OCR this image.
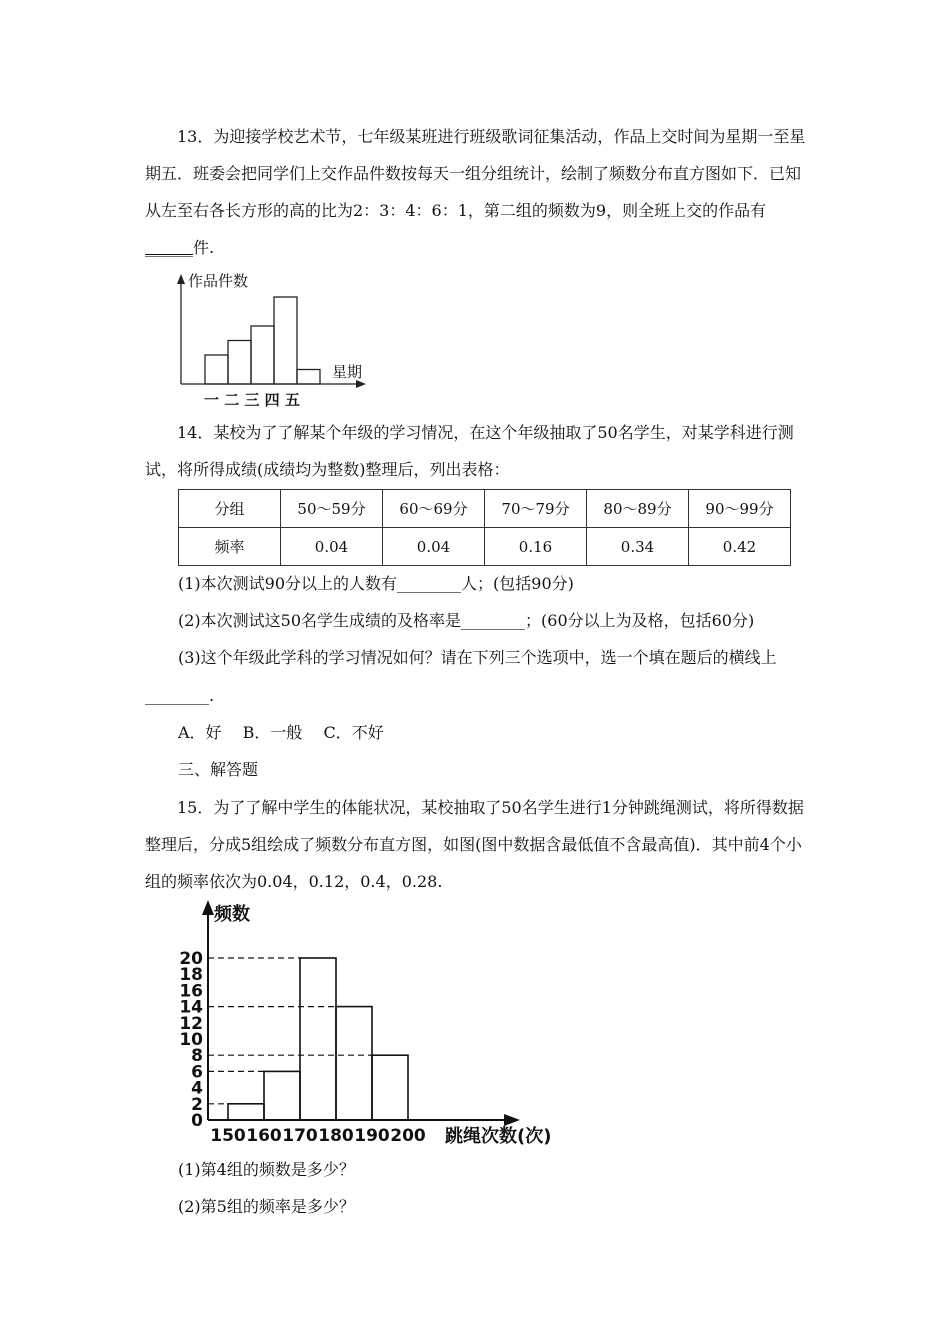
13．为迎接学校艺术节，七年级某班进行班级歌词征集活动，作品上交时间为星期一至星期五．班委会把同学们上交作品件数按每天一组分组统计，绘制了频数分布直方图如下．已知从左至右各长方形的高的比为2：3：4：6：1，第二组的频数为9，则全班上交的作品有______件.
作品件数
星期
一 二 三 四 五
14．某校为了了解某个年级的学习情况，在这个年级抽取了50名学生，对某学科进行测试，将所得成绩(成绩均为整数)整理后，列出表格：
分组	50～59分	60～69分	70～79分	80～89分	90～99分
频率	0.04	0.04	0.16	0.34	0.42
(1)本次测试90分以上的人数有________人；(包括90分)
(2)本次测试这50名学生成绩的及格率是________；(60分以上为及格，包括60分)
(3)这个年级此学科的学习情况如何？请在下列三个选项中，选一个填在题后的横线上
________.
A．好　 B．一般　 C．不好
三、解答题
15．为了了解中学生的体能状况，某校抽取了50名学生进行1分钟跳绳测试，将所得数据整理后，分成5组绘成了频数分布直方图，如图(图中数据含最低值不含最高值)．其中前4个小组的频率依次为0.04，0.12，0.4，0.28.
频数
0
2
4
6
8
10
12
14
16
18
20
150 160 170 180 190 200 跳绳次数(次)
(1)第4组的频数是多少？
(2)第5组的频率是多少？
